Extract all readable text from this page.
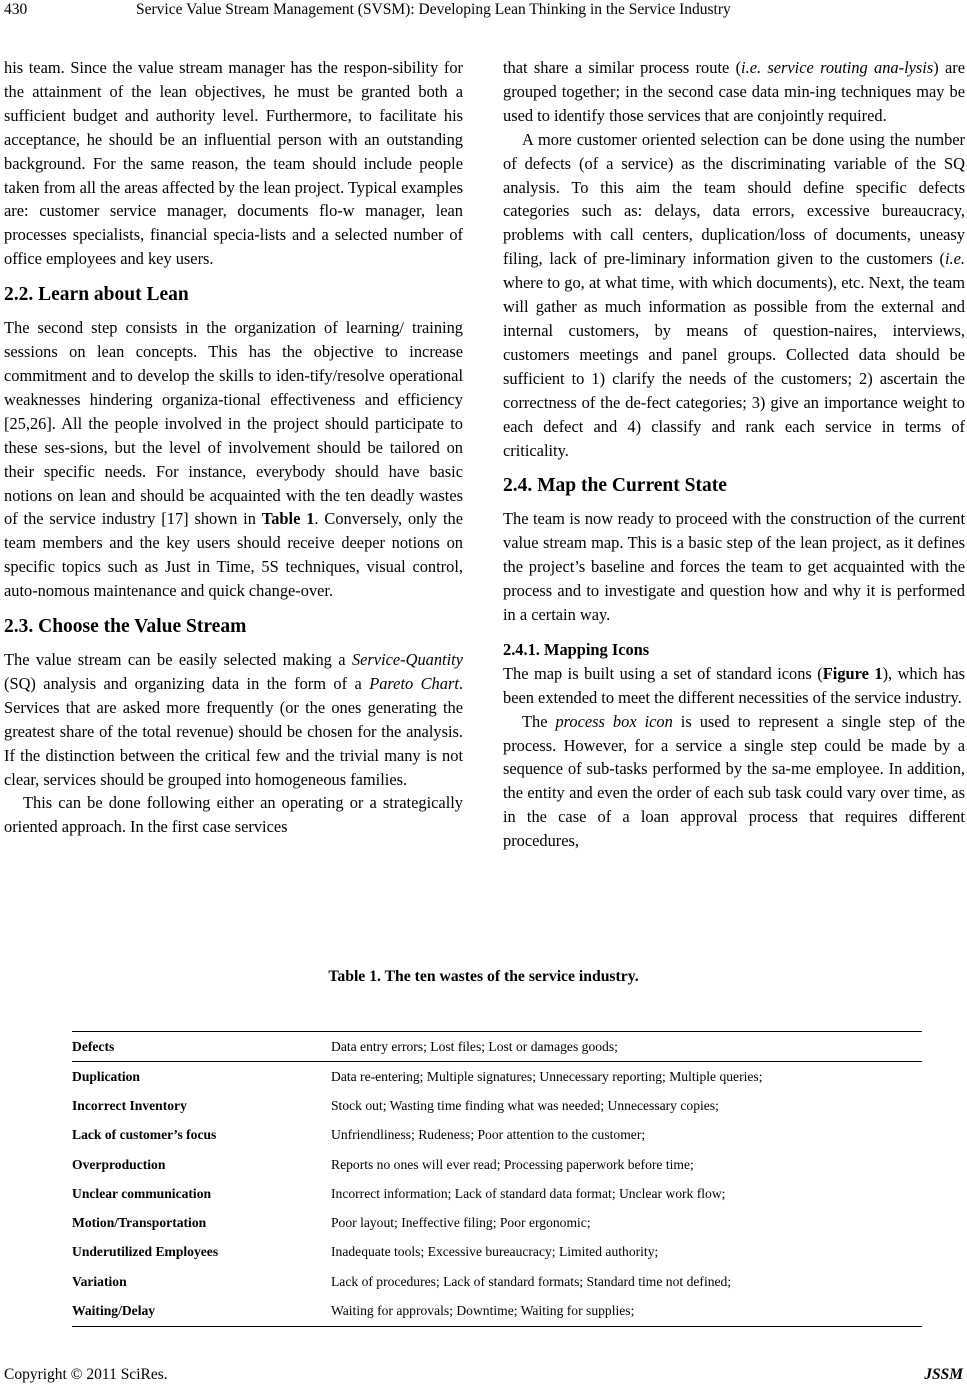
430	Service Value Stream Management (SVSM): Developing Lean Thinking in the Service Industry

his team. Since the value stream manager has the respon-sibility for the attainment of the lean objectives, he must be granted both a sufficient budget and authority level. Furthermore, to facilitate his acceptance, he should be an influential person with an outstanding background. For the same reason, the team should include people taken from all the areas affected by the lean project. Typical examples are: customer service manager, documents flo-w manager, lean processes specialists, financial specia-lists and a selected number of office employees and key users.

2.2. Learn about Lean

The second step consists in the organization of learning/ training sessions on lean concepts. This has the objective to increase commitment and to develop the skills to iden-tify/resolve operational weaknesses hindering organiza-tional effectiveness and efficiency [25,26]. All the people involved in the project should participate to these ses-sions, but the level of involvement should be tailored on their specific needs. For instance, everybody should have basic notions on lean and should be acquainted with the ten deadly wastes of the service industry [17] shown in Table 1. Conversely, only the team members and the key users should receive deeper notions on specific topics such as Just in Time, 5S techniques, visual control, auto-nomous maintenance and quick change-over.

2.3. Choose the Value Stream

The value stream can be easily selected making a Service-Quantity (SQ) analysis and organizing data in the form of a Pareto Chart. Services that are asked more frequently (or the ones generating the greatest share of the total revenue) should be chosen for the analysis. If the distinction between the critical few and the trivial many is not clear, services should be grouped into homogeneous families.

This can be done following either an operating or a strategically oriented approach. In the first case services

that share a similar process route (i.e. service routing ana-lysis) are grouped together; in the second case data min-ing techniques may be used to identify those services that are conjointly required.

A more customer oriented selection can be done using the number of defects (of a service) as the discriminating variable of the SQ analysis. To this aim the team should define specific defects categories such as: delays, data errors, excessive bureaucracy, problems with call centers, duplication/loss of documents, uneasy filing, lack of pre-liminary information given to the customers (i.e. where to go, at what time, with which documents), etc. Next, the team will gather as much information as possible from the external and internal customers, by means of question-naires, interviews, customers meetings and panel groups. Collected data should be sufficient to 1) clarify the needs of the customers; 2) ascertain the correctness of the de-fect categories; 3) give an importance weight to each defect and 4) classify and rank each service in terms of criticality.

2.4. Map the Current State

The team is now ready to proceed with the construction of the current value stream map. This is a basic step of the lean project, as it defines the project’s baseline and forces the team to get acquainted with the process and to investigate and question how and why it is performed in a certain way.

2.4.1. Mapping Icons

The map is built using a set of standard icons (Figure 1), which has been extended to meet the different necessities of the service industry.

The process box icon is used to represent a single step of the process. However, for a service a single step could be made by a sequence of sub-tasks performed by the sa-me employee. In addition, the entity and even the order of each sub task could vary over time, as in the case of a loan approval process that requires different procedures,

Table 1. The ten wastes of the service industry.
Defects	Data entry errors; Lost files; Lost or damages goods;
Duplication	Data re-entering; Multiple signatures; Unnecessary reporting; Multiple queries;
Incorrect Inventory	Stock out; Wasting time finding what was needed; Unnecessary copies;
Lack of customer’s focus	Unfriendliness; Rudeness; Poor attention to the customer;
Overproduction	Reports no ones will ever read; Processing paperwork before time;
Unclear communication	Incorrect information; Lack of standard data format; Unclear work flow;
Motion/Transportation	Poor layout; Ineffective filing; Poor ergonomic;
Underutilized Employees	Inadequate tools; Excessive bureaucracy; Limited authority;
Variation	Lack of procedures; Lack of standard formats; Standard time not defined;
Waiting/Delay	Waiting for approvals; Downtime; Waiting for supplies;
Copyright © 2011 SciRes.	JSSM
